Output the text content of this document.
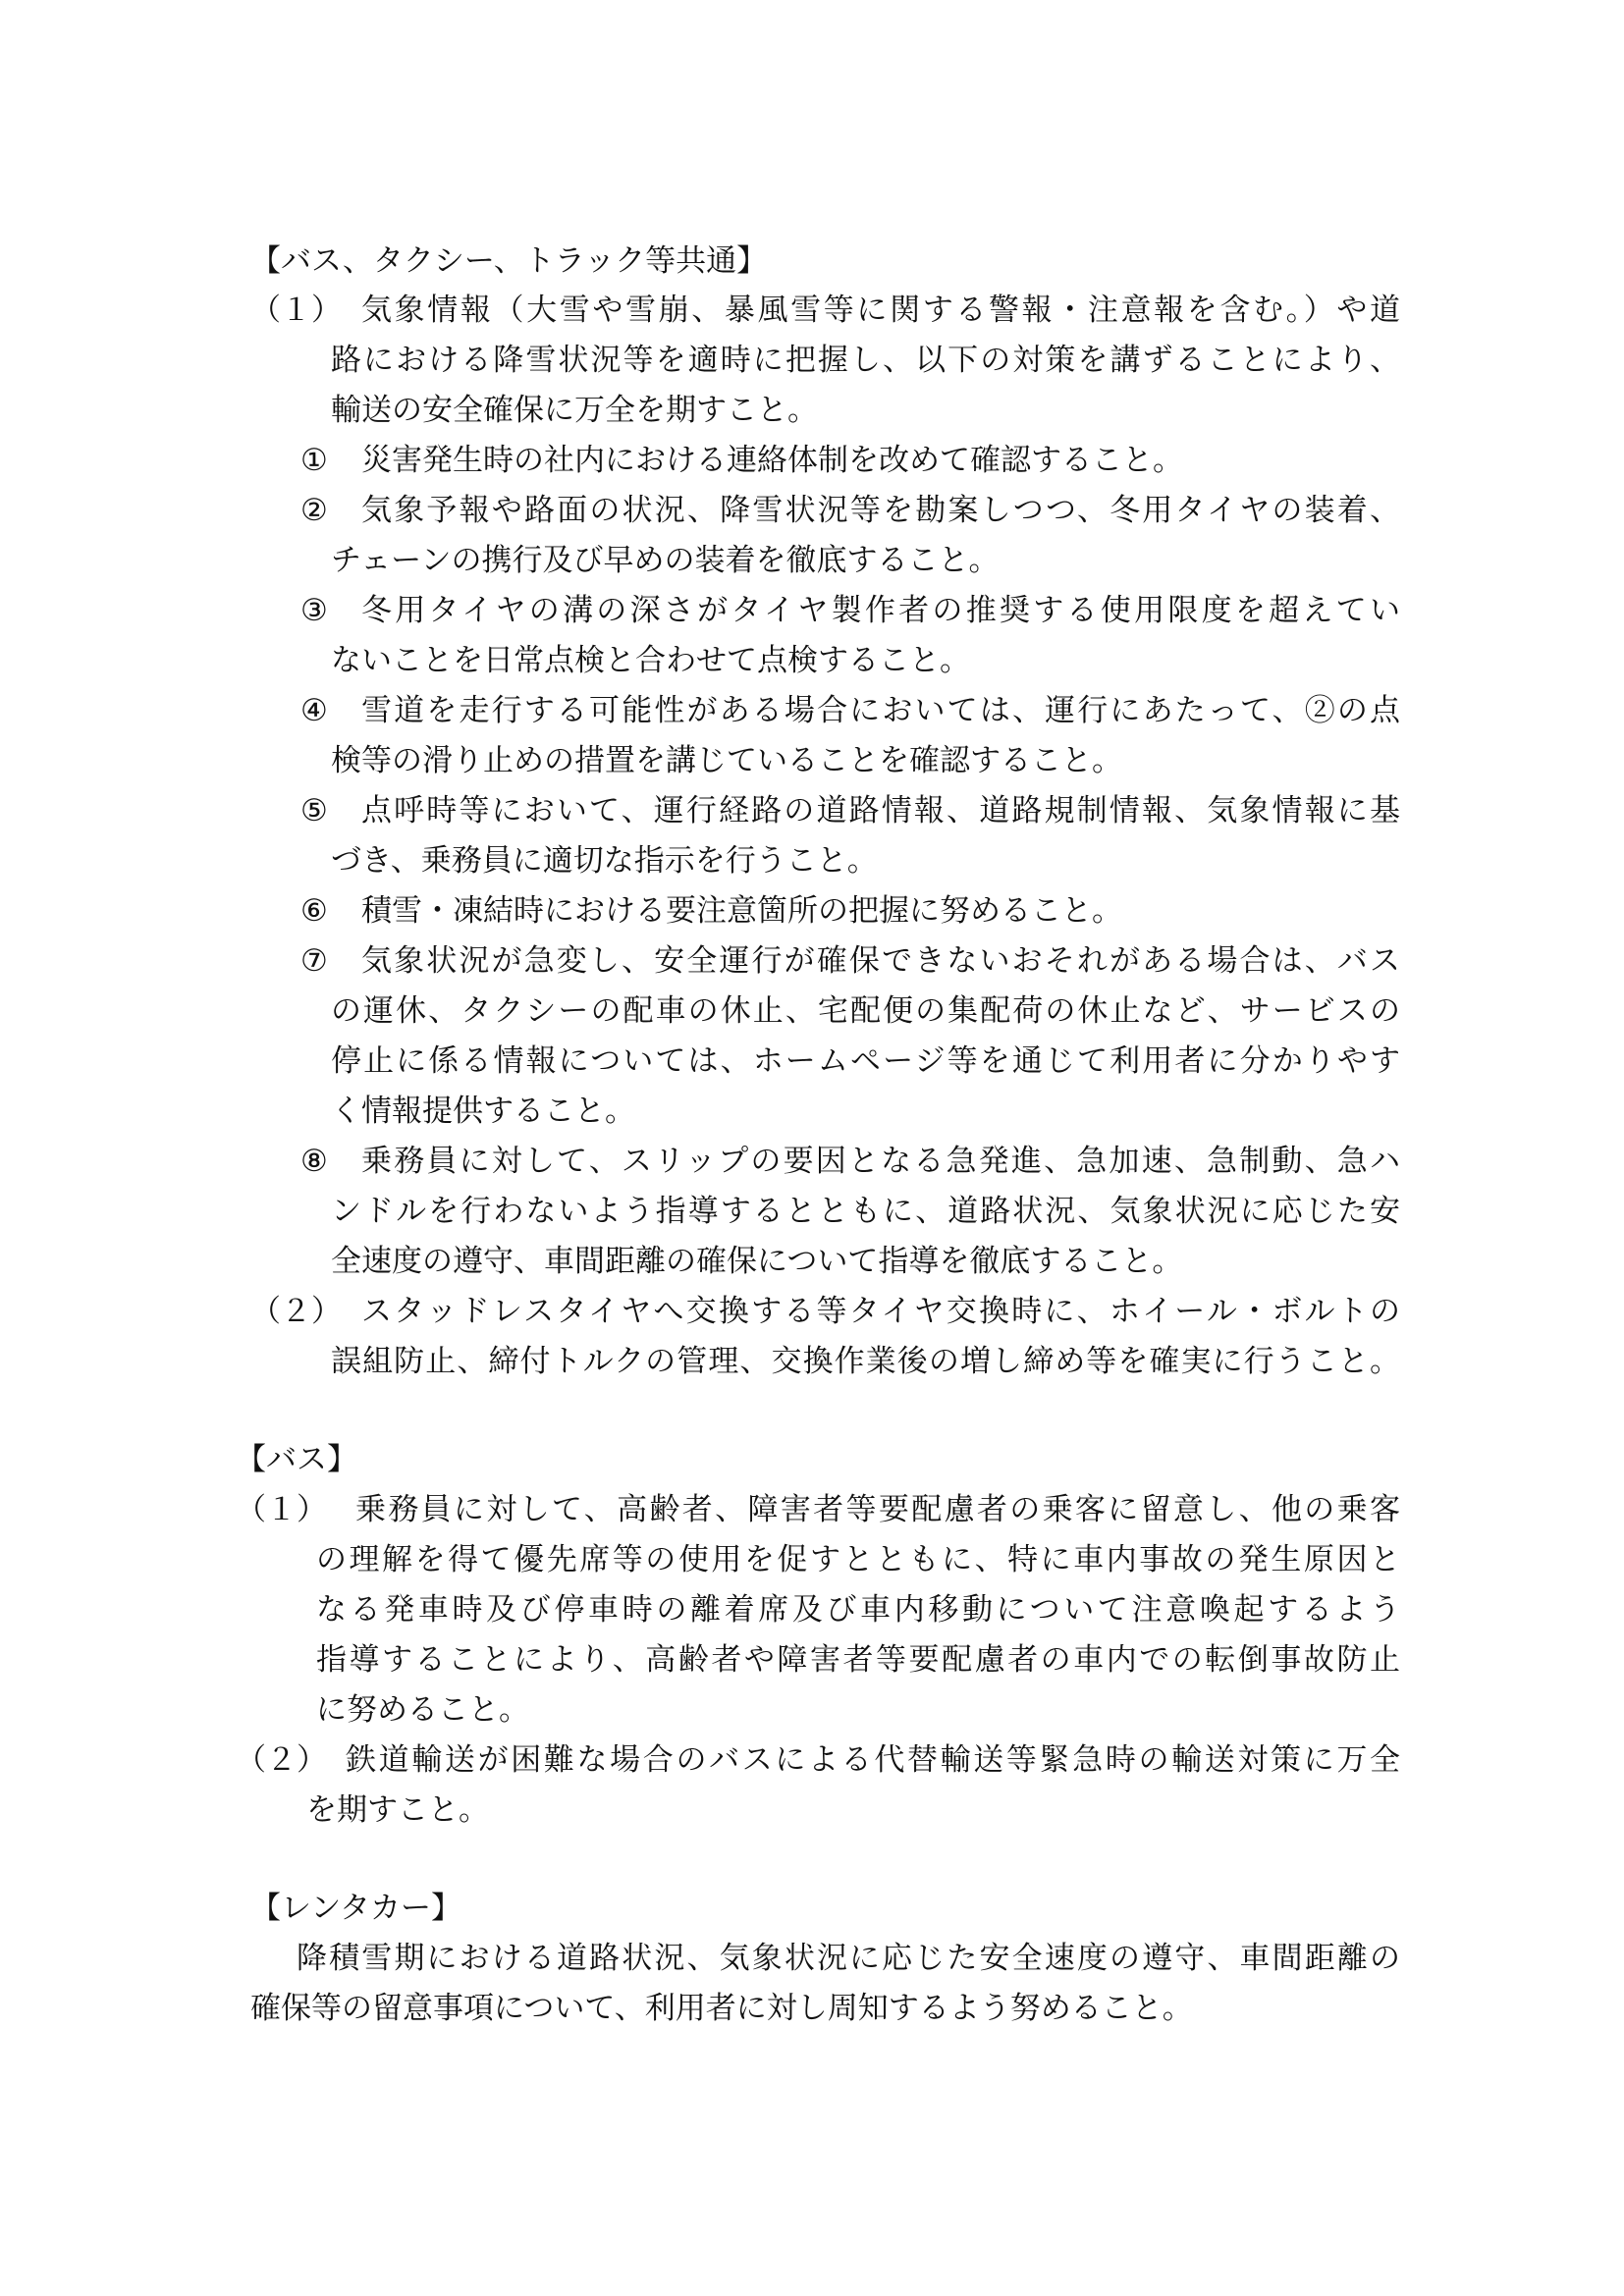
【バス、タクシー、トラック等共通】
（１） 気象情報（大雪や雪崩、暴風雪等に関する警報・注意報を含む。）や道
路における降雪状況等を適時に把握し、以下の対策を講ずることにより、
輸送の安全確保に万全を期すこと。
① 災害発生時の社内における連絡体制を改めて確認すること。
② 気象予報や路面の状況、降雪状況等を勘案しつつ、冬用タイヤの装着、
チェーンの携行及び早めの装着を徹底すること。
③ 冬用タイヤの溝の深さがタイヤ製作者の推奨する使用限度を超えてい
ないことを日常点検と合わせて点検すること。
④ 雪道を走行する可能性がある場合においては、運行にあたって、②の点
検等の滑り止めの措置を講じていることを確認すること。
⑤ 点呼時等において、運行経路の道路情報、道路規制情報、気象情報に基
づき、乗務員に適切な指示を行うこと。
⑥ 積雪・凍結時における要注意箇所の把握に努めること。
⑦ 気象状況が急変し、安全運行が確保できないおそれがある場合は、バス
の運休、タクシーの配車の休止、宅配便の集配荷の休止など、サービスの
停止に係る情報については、ホームページ等を通じて利用者に分かりやす
く情報提供すること。
⑧ 乗務員に対して、スリップの要因となる急発進、急加速、急制動、急ハ
ンドルを行わないよう指導するとともに、道路状況、気象状況に応じた安
全速度の遵守、車間距離の確保について指導を徹底すること。
（２） スタッドレスタイヤへ交換する等タイヤ交換時に、ホイール・ボルトの
誤組防止、締付トルクの管理、交換作業後の増し締め等を確実に行うこと。
【バス】
（１） 乗務員に対して、高齢者、障害者等要配慮者の乗客に留意し、他の乗客
の理解を得て優先席等の使用を促すとともに、特に車内事故の発生原因と
なる発車時及び停車時の離着席及び車内移動について注意喚起するよう
指導することにより、高齢者や障害者等要配慮者の車内での転倒事故防止
に努めること。
（２） 鉄道輸送が困難な場合のバスによる代替輸送等緊急時の輸送対策に万全
を期すこと。
【レンタカー】
降積雪期における道路状況、気象状況に応じた安全速度の遵守、車間距離の
確保等の留意事項について、利用者に対し周知するよう努めること。
